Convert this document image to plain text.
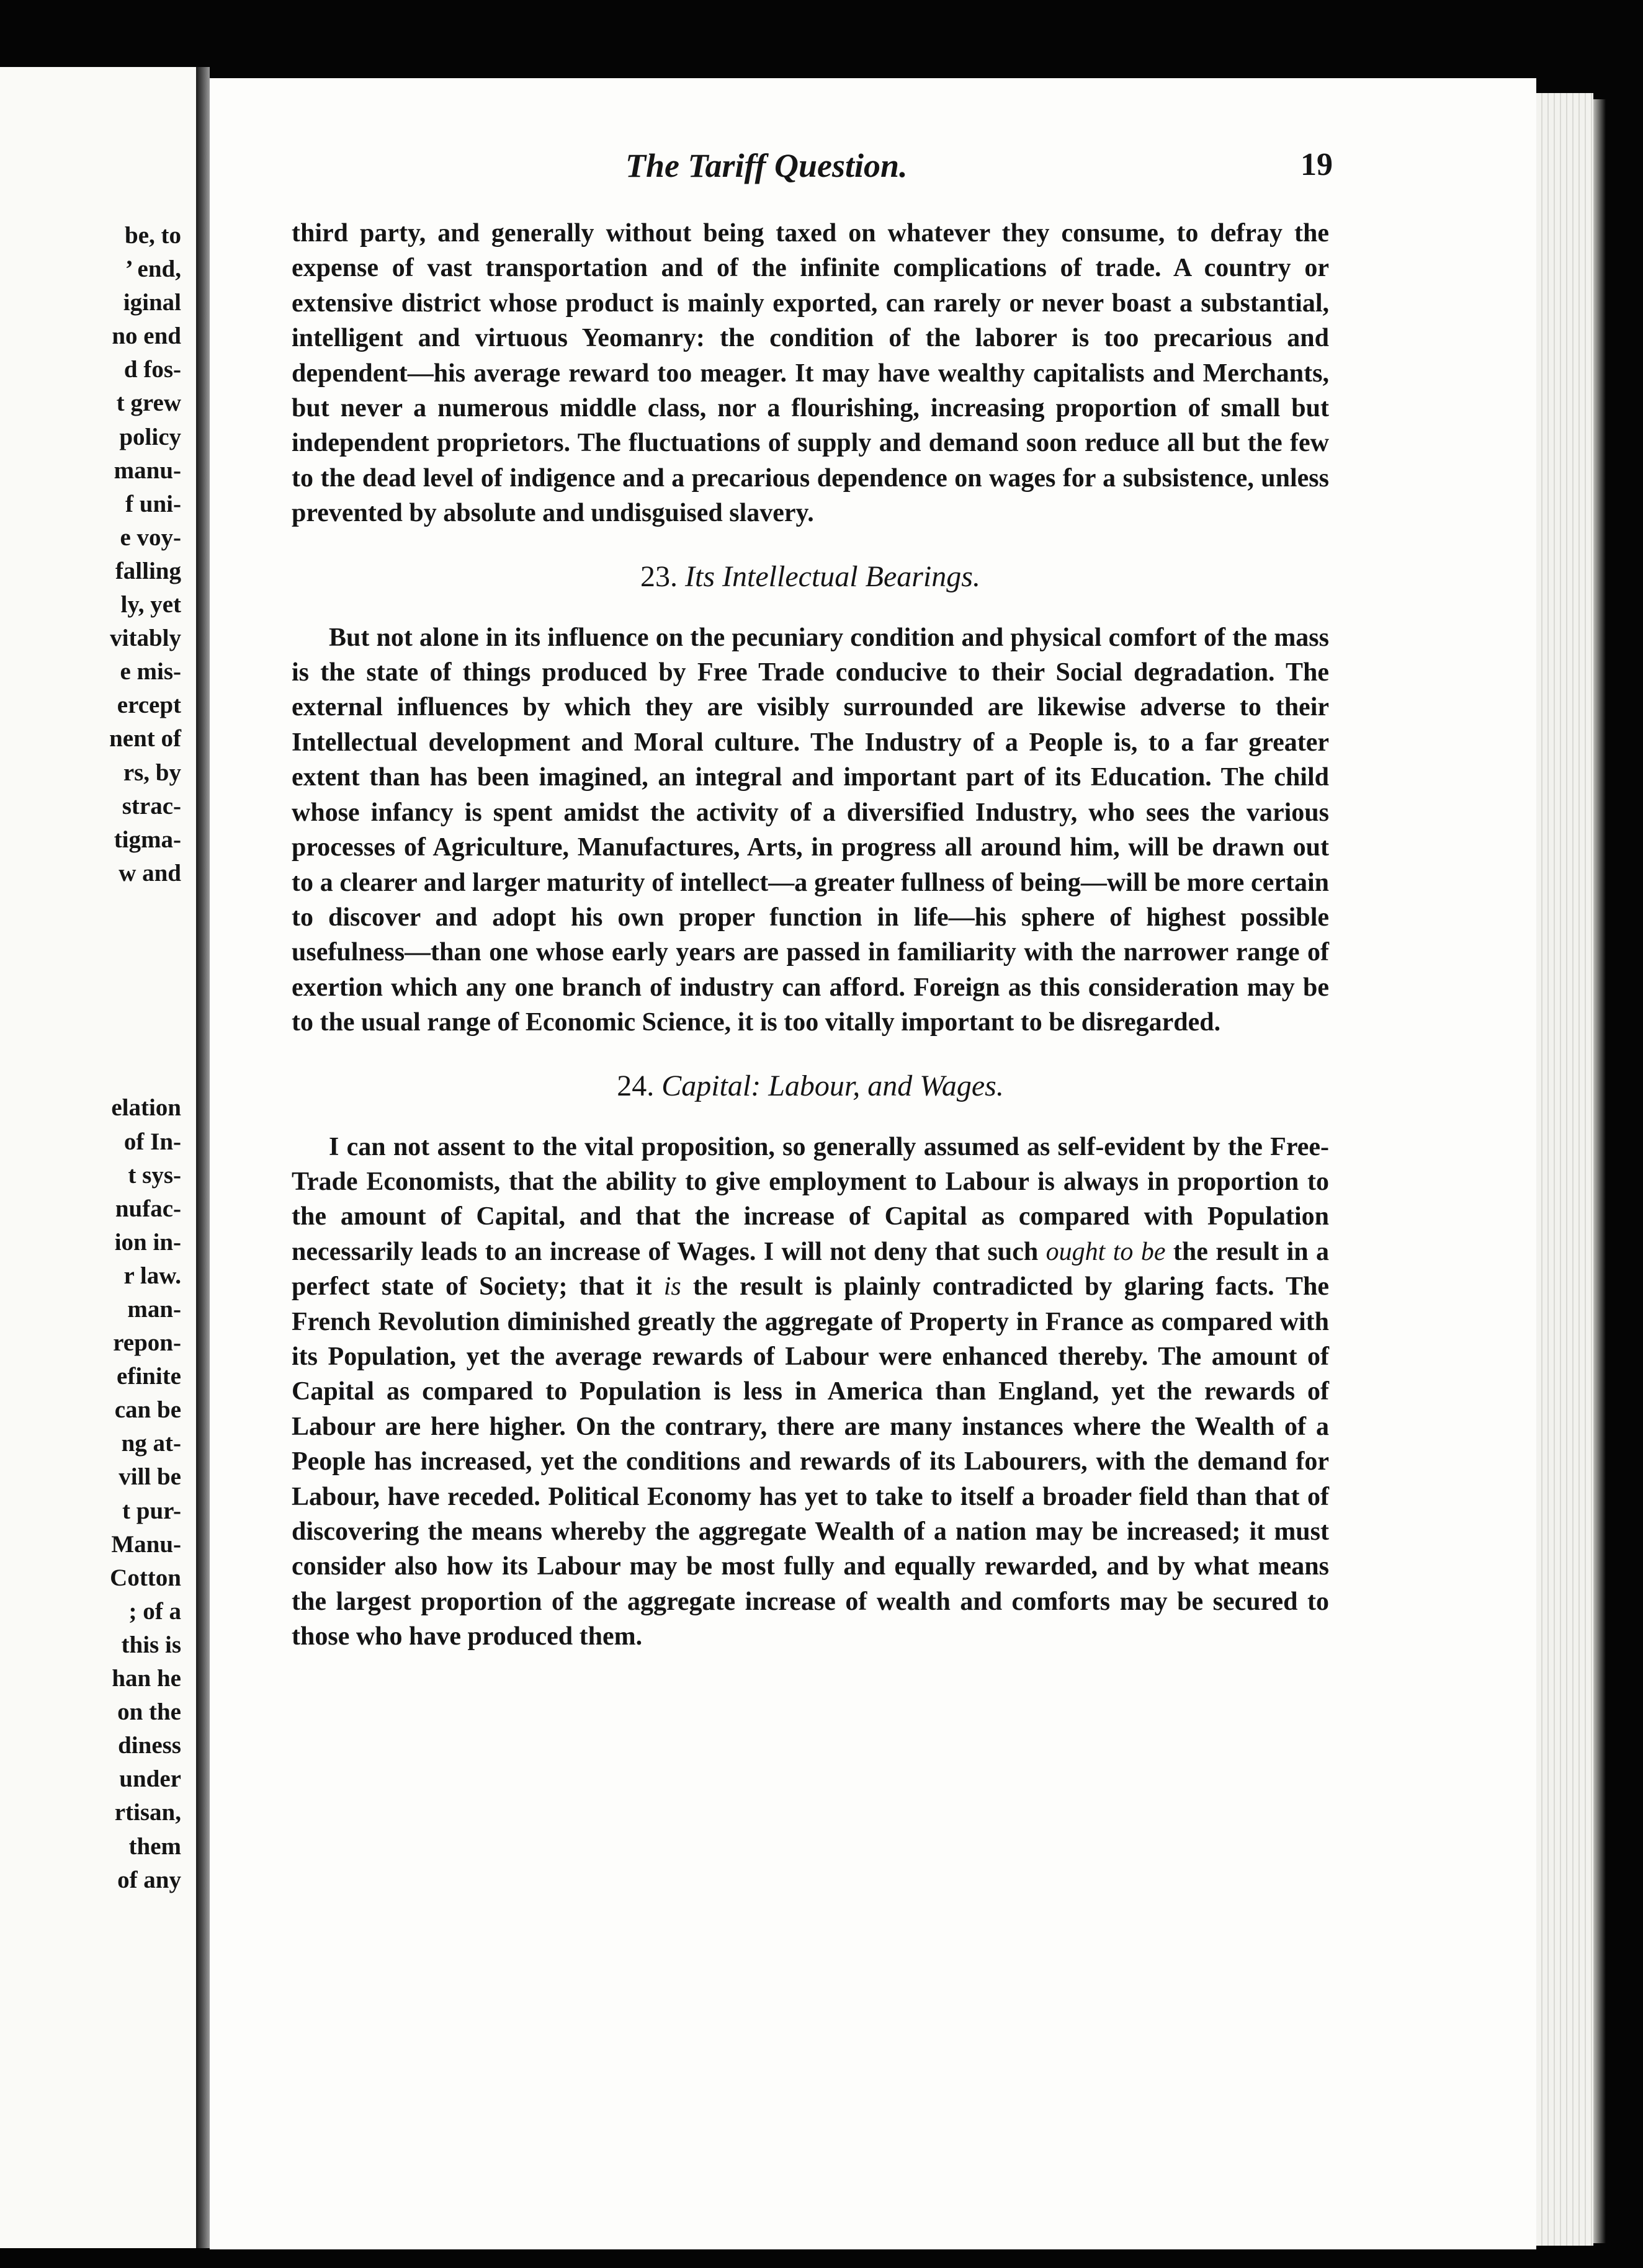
be, to
’ end,
iginal
no end
d fos-
t grew
policy
manu-
f uni-
e voy-
falling
ly, yet
vitably
e mis-
ercept
nent of
rs, by
strac-
tigma-
w and

elation
of In-
t sys-
nufac-
ion in-
r law.
man-
repon-
efinite
can be
ng at-
vill be
t pur-
Manu-
Cotton
; of a
this is
han he
on the
diness
under
rtisan,
them
of any
The Tariff Question.	19

third party, and generally without being taxed on whatever they consume, to defray the expense of vast transportation and of the infinite complications of trade. A country or extensive district whose product is mainly exported, can rarely or never boast a substantial, intelligent and virtuous Yeomanry: the condition of the laborer is too precarious and dependent—his average reward too meager. It may have wealthy capitalists and Merchants, but never a numerous middle class, nor a flourishing, increasing proportion of small but independent proprietors. The fluctuations of supply and demand soon reduce all but the few to the dead level of indigence and a precarious dependence on wages for a subsistence, unless prevented by absolute and undisguised slavery.

23. Its Intellectual Bearings.

But not alone in its influence on the pecuniary condition and physical comfort of the mass is the state of things produced by Free Trade conducive to their Social degradation. The external influences by which they are visibly surrounded are likewise adverse to their Intellectual development and Moral culture. The Industry of a People is, to a far greater extent than has been imagined, an integral and important part of its Education. The child whose infancy is spent amidst the activity of a diversified Industry, who sees the various processes of Agriculture, Manufactures, Arts, in progress all around him, will be drawn out to a clearer and larger maturity of intellect—a greater fullness of being—will be more certain to discover and adopt his own proper function in life—his sphere of highest possible usefulness—than one whose early years are passed in familiarity with the narrower range of exertion which any one branch of industry can afford. Foreign as this consideration may be to the usual range of Economic Science, it is too vitally important to be disregarded.

24. Capital: Labour, and Wages.

I can not assent to the vital proposition, so generally assumed as self-evident by the Free-Trade Economists, that the ability to give employment to Labour is always in proportion to the amount of Capital, and that the increase of Capital as compared with Population necessarily leads to an increase of Wages. I will not deny that such ought to be the result in a perfect state of Society; that it is the result is plainly contradicted by glaring facts. The French Revolution diminished greatly the aggregate of Property in France as compared with its Population, yet the average rewards of Labour were enhanced thereby. The amount of Capital as compared to Population is less in America than England, yet the rewards of Labour are here higher. On the contrary, there are many instances where the Wealth of a People has increased, yet the conditions and rewards of its Labourers, with the demand for Labour, have receded. Political Economy has yet to take to itself a broader field than that of discovering the means whereby the aggregate Wealth of a nation may be increased; it must consider also how its Labour may be most fully and equally rewarded, and by what means the largest proportion of the aggregate increase of wealth and comforts may be secured to those who have produced them.
